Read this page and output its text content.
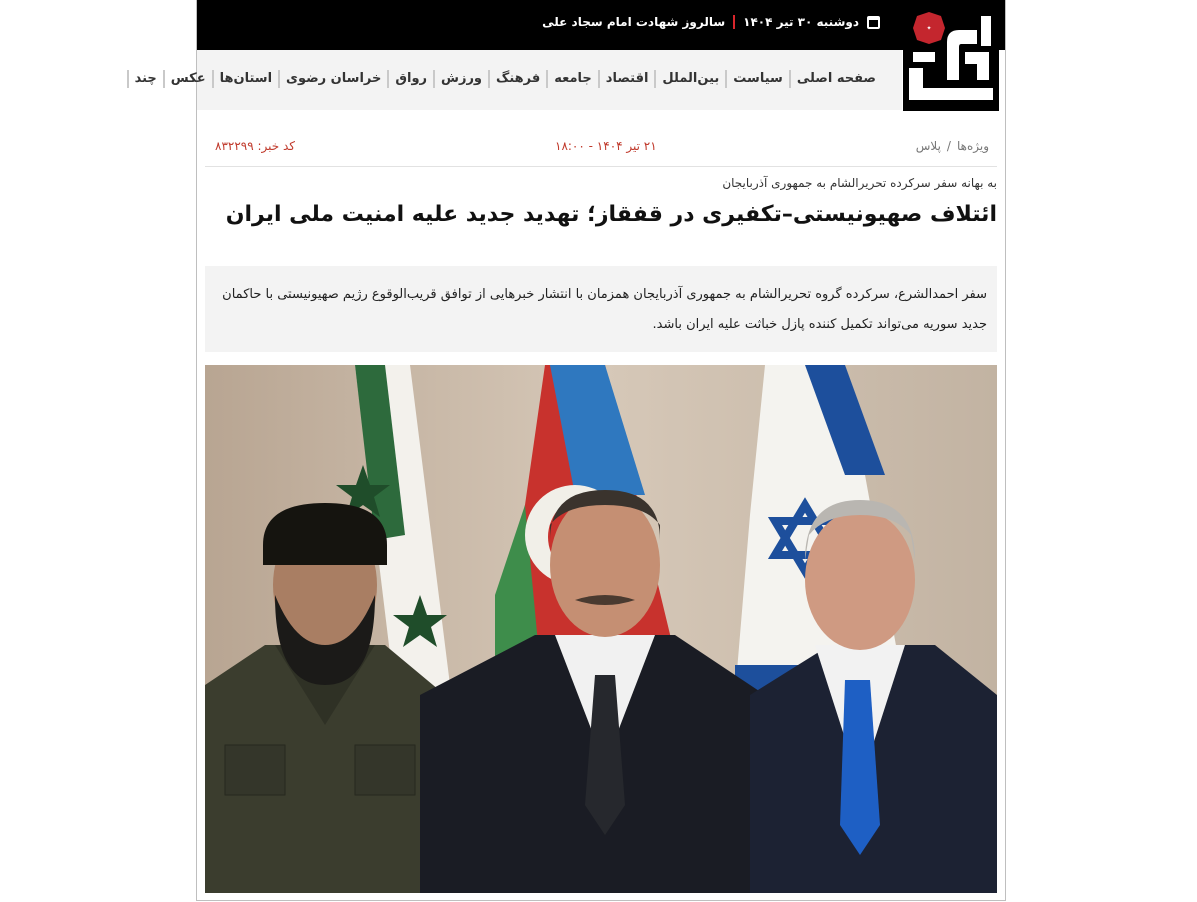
دوشنبه ۳۰ تیر ۱۴۰۴
سالروز شهادت امام سجاد علی
صفحه اصلی
سیاست
بین‌الملل
اقتصاد
جامعه
فرهنگ
ورزش
رواق
خراسان رضوی
استان‌ها
عکس
چند
✦
ویژه‌ها
/
پلاس
۲۱ تیر ۱۴۰۴ - ۱۸:۰۰
کد خبر: ۸۳۲۲۹۹
به بهانه سفر سرکرده تحریرالشام به جمهوری آذربایجان
ائتلاف صهیونیستی–تکفیری در قفقاز؛ تهدید جدید علیه امنیت ملی ایران
سفر احمدالشرع، سرکرده گروه تحریرالشام به جمهوری آذربایجان همزمان با انتشار خبرهایی از توافق قریب‌الوقوع رژیم صهیونیستی با حاکمان جدید سوریه می‌تواند تکمیل کننده پازل خباثت علیه ایران باشد.
